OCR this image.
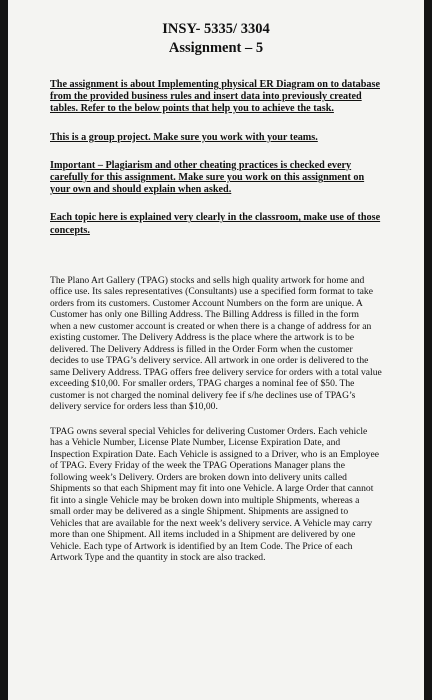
INSY- 5335/ 3304

Assignment – 5

The assignment is about Implementing physical ER Diagram on to database from the provided business rules and insert data into previously created tables. Refer to the below points that help you to achieve the task.

This is a group project. Make sure you work with your teams.

Important – Plagiarism and other cheating practices is checked every carefully for this assignment. Make sure you work on this assignment on your own and should explain when asked.

Each topic here is explained very clearly in the classroom, make use of those concepts.

The Plano Art Gallery (TPAG) stocks and sells high quality artwork for home and office use. Its sales representatives (Consultants) use a specified form format to take orders from its customers. Customer Account Numbers on the form are unique. A Customer has only one Billing Address. The Billing Address is filled in the form when a new customer account is created or when there is a change of address for an existing customer. The Delivery Address is the place where the artwork is to be delivered. The Delivery Address is filled in the Order Form when the customer decides to use TPAG’s delivery service. All artwork in one order is delivered to the same Delivery Address. TPAG offers free delivery service for orders with a total value exceeding $10,00. For smaller orders, TPAG charges a nominal fee of $50. The customer is not charged the nominal delivery fee if s/he declines use of TPAG’s delivery service for orders less than $10,00.

TPAG owns several special Vehicles for delivering Customer Orders. Each vehicle has a Vehicle Number, License Plate Number, License Expiration Date, and Inspection Expiration Date. Each Vehicle is assigned to a Driver, who is an Employee of TPAG. Every Friday of the week the TPAG Operations Manager plans the following week’s Delivery. Orders are broken down into delivery units called Shipments so that each Shipment may fit into one Vehicle. A large Order that cannot fit into a single Vehicle may be broken down into multiple Shipments, whereas a small order may be delivered as a single Shipment. Shipments are assigned to Vehicles that are available for the next week’s delivery service. A Vehicle may carry more than one Shipment. All items included in a Shipment are delivered by one Vehicle. Each type of Artwork is identified by an Item Code. The Price of each Artwork Type and the quantity in stock are also tracked.
